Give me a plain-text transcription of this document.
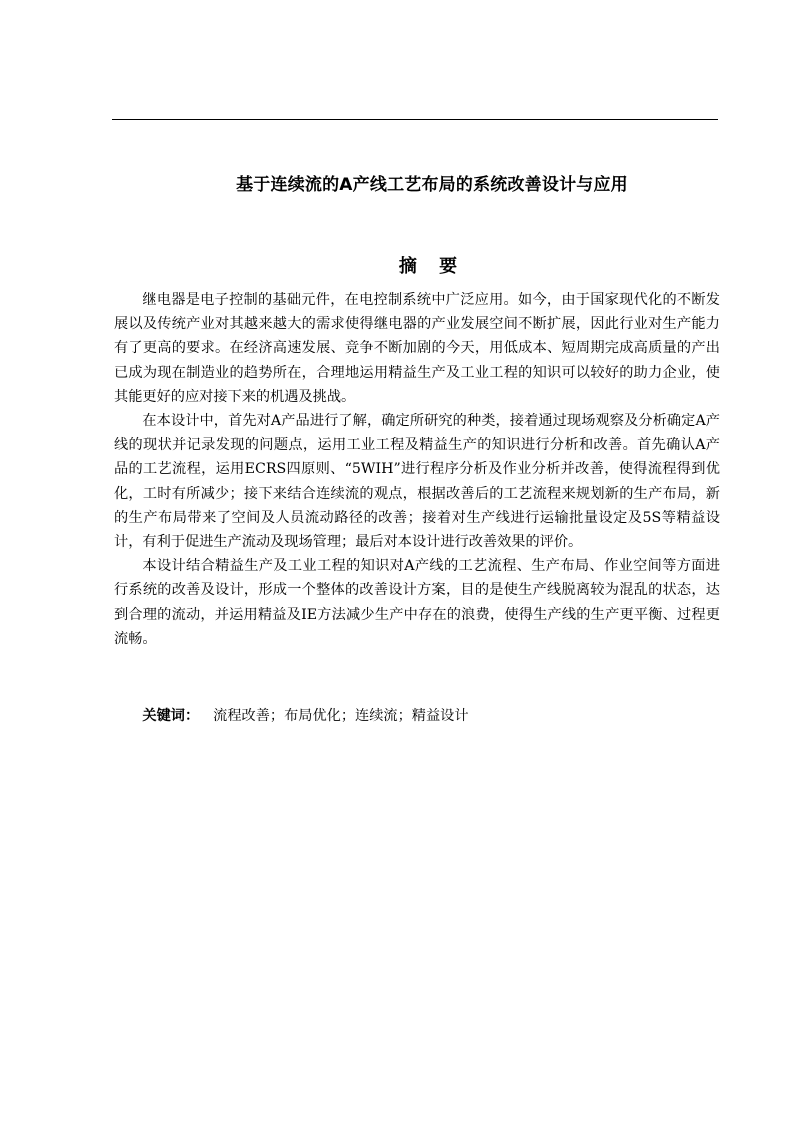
基于连续流的A产线工艺布局的系统改善设计与应用
摘 要

继电器是电子控制的基础元件，在电控制系统中广泛应用。如今，由于国家现代化的不断发展以及传统产业对其越来越大的需求使得继电器的产业发展空间不断扩展，因此行业对生产能力有了更高的要求。在经济高速发展、竞争不断加剧的今天，用低成本、短周期完成高质量的产出已成为现在制造业的趋势所在，合理地运用精益生产及工业工程的知识可以较好的助力企业，使其能更好的应对接下来的机遇及挑战。

在本设计中，首先对A产品进行了解，确定所研究的种类，接着通过现场观察及分析确定A产线的现状并记录发现的问题点，运用工业工程及精益生产的知识进行分析和改善。首先确认A产品的工艺流程，运用ECRS四原则、“5WIH”进行程序分析及作业分析并改善，使得流程得到优化，工时有所减少；接下来结合连续流的观点，根据改善后的工艺流程来规划新的生产布局，新的生产布局带来了空间及人员流动路径的改善；接着对生产线进行运输批量设定及5S等精益设计，有利于促进生产流动及现场管理；最后对本设计进行改善效果的评价。

本设计结合精益生产及工业工程的知识对A产线的工艺流程、生产布局、作业空间等方面进行系统的改善及设计，形成一个整体的改善设计方案，目的是使生产线脱离较为混乱的状态，达到合理的流动，并运用精益及IE方法减少生产中存在的浪费，使得生产线的生产更平衡、过程更流畅。

关键词： 流程改善；布局优化；连续流；精益设计
